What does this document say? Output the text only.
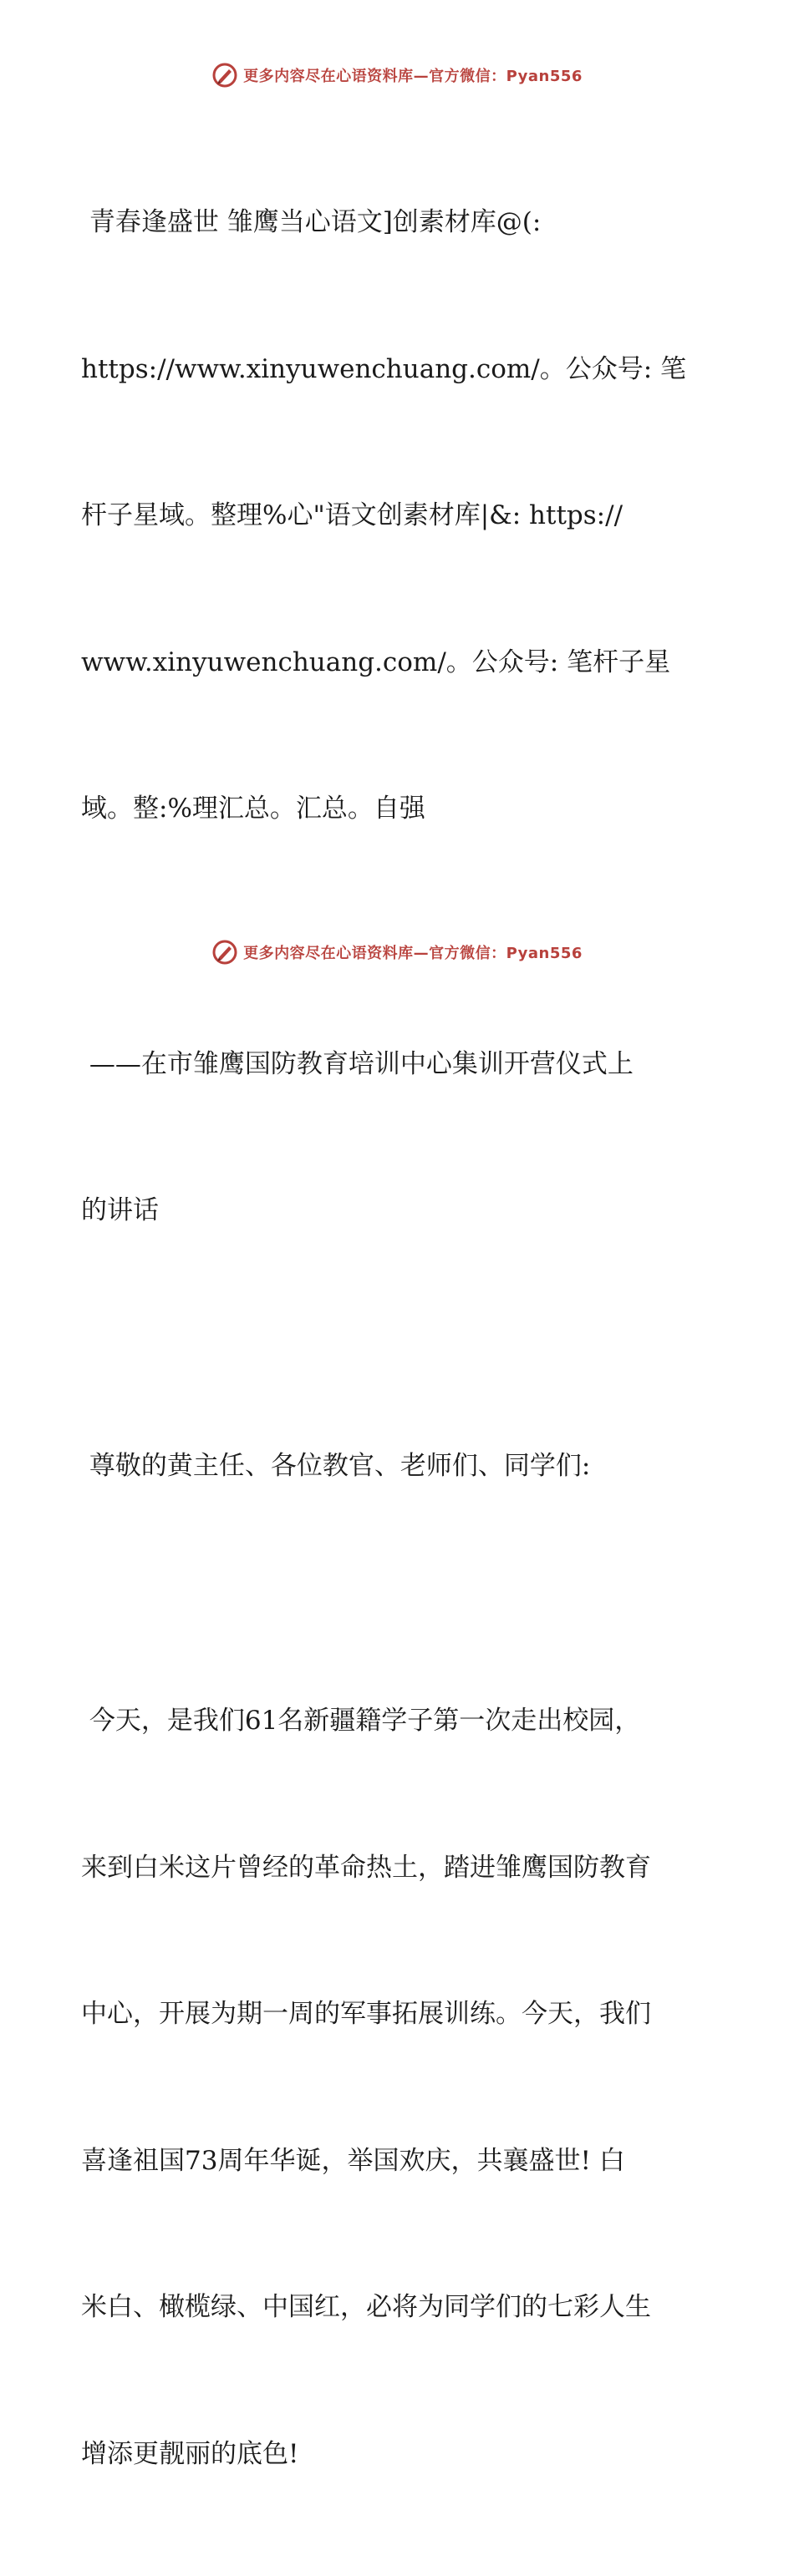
更多内容尽在心语资料库—官方微信：Pyan556

青春逢盛世 雏鹰当心语文]创素材库@(:

https://www.xinyuwenchuang.com/。公众号: 笔

杆子星域。整理%心"语文创素材库|&: https://

www.xinyuwenchuang.com/。公众号: 笔杆子星

域。整:%理汇总。汇总。自强

——在市雏鹰国防教育培训中心集训开营仪式上

的讲话

尊敬的黄主任、各位教官、老师们、同学们:

今天，是我们61名新疆籍学子第一次走出校园，

来到白米这片曾经的革命热土，踏进雏鹰国防教育

中心，开展为期一周的军事拓展训练。今天，我们

喜逢祖国73周年华诞，举国欢庆，共襄盛世! 白

米白、橄榄绿、中国红，必将为同学们的七彩人生

增添更靓丽的底色!

更多内容尽在心语资料库—官方微信：Pyan556
